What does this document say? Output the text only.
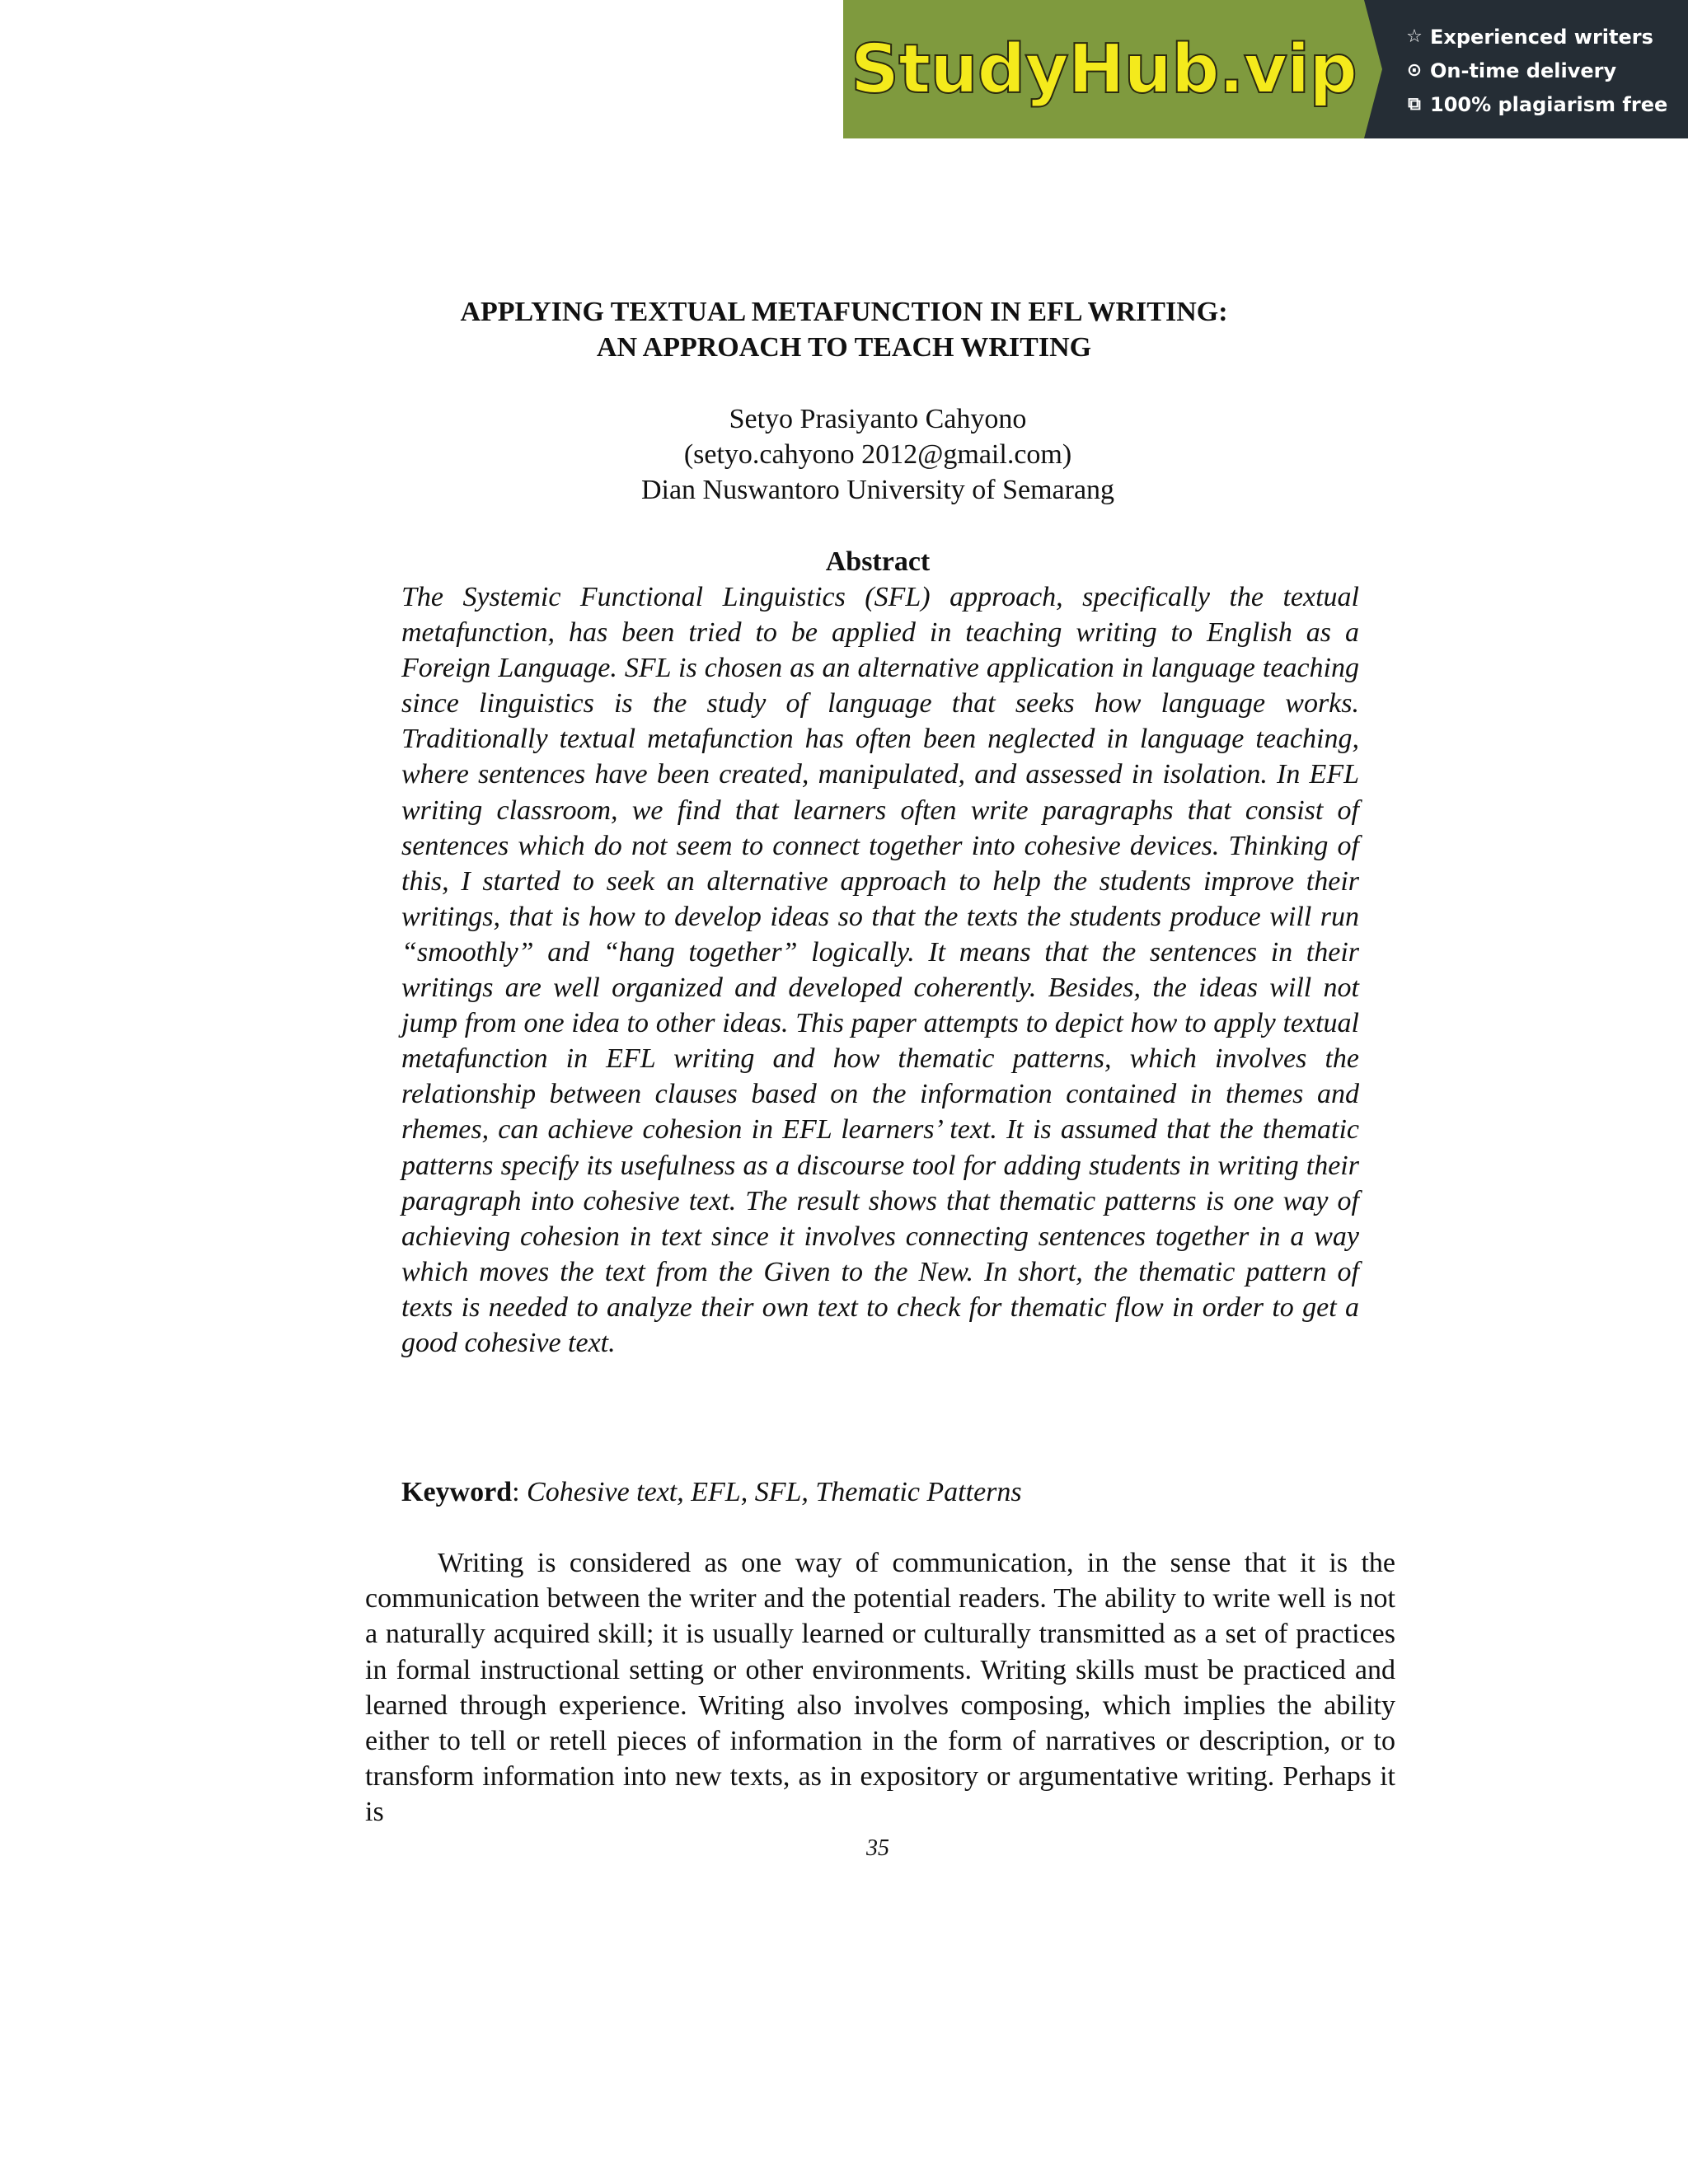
StudyHub.vip	☆ Experienced writers
⊙ On-time delivery
⧉ 100% plagiarism free
APPLYING TEXTUAL METAFUNCTION IN EFL WRITING:
AN APPROACH TO TEACH WRITING

Setyo Prasiyanto Cahyono

(setyo.cahyono 2012@gmail.com)

Dian Nuswantoro University of Semarang

Abstract

The Systemic Functional Linguistics (SFL) approach, specifically the textual metafunction, has been tried to be applied in teaching writing to English as a Foreign Language. SFL is chosen as an alternative application in language teaching since linguistics is the study of language that seeks how language works. Traditionally textual metafunction has often been neglected in language teaching, where sentences have been created, manipulated, and assessed in isolation. In EFL writing classroom, we find that learners often write paragraphs that consist of sentences which do not seem to connect together into cohesive devices. Thinking of this, I started to seek an alternative approach to help the students improve their writings, that is how to develop ideas so that the texts the students produce will run “smoothly” and “hang together” logically. It means that the sentences in their writings are well organized and developed coherently. Besides, the ideas will not jump from one idea to other ideas. This paper attempts to depict how to apply textual metafunction in EFL writing and how thematic patterns, which involves the relationship between clauses based on the information contained in themes and rhemes, can achieve cohesion in EFL learners’ text. It is assumed that the thematic patterns specify its usefulness as a discourse tool for adding students in writing their paragraph into cohesive text. The result shows that thematic patterns is one way of achieving cohesion in text since it involves connecting sentences together in a way which moves the text from the Given to the New. In short, the thematic pattern of texts is needed to analyze their own text to check for thematic flow in order to get a good cohesive text.

Keyword: Cohesive text, EFL, SFL, Thematic Patterns

Writing is considered as one way of communication, in the sense that it is the communication between the writer and the potential readers. The ability to write well is not a naturally acquired skill; it is usually learned or culturally transmitted as a set of practices in formal instructional setting or other environments. Writing skills must be practiced and learned through experience. Writing also involves composing, which implies the ability either to tell or retell pieces of information in the form of narratives or description, or to transform information into new texts, as in expository or argumentative writing. Perhaps it is

35
